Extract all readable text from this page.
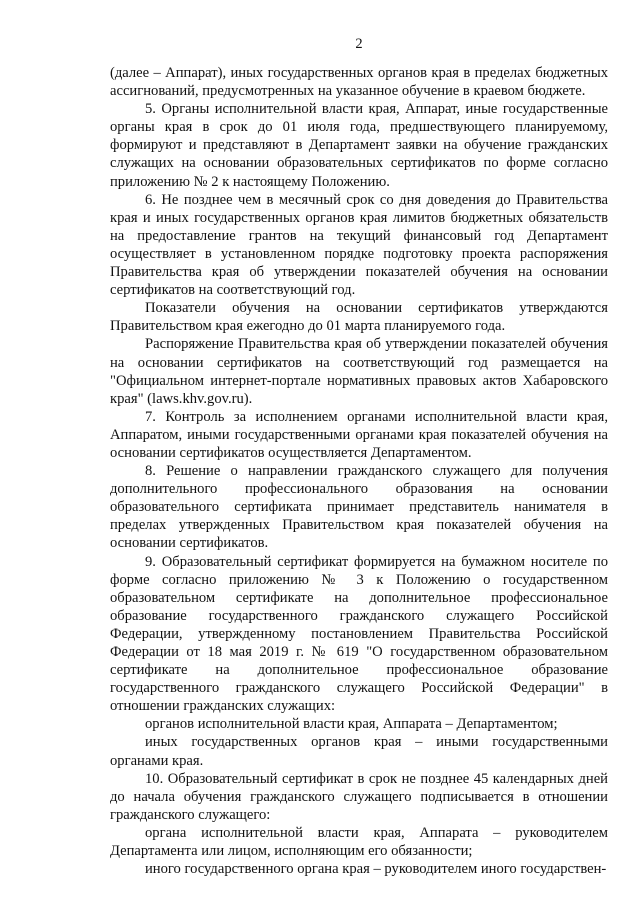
2

(далее – Аппарат), иных государственных органов края в пределах бюджетных ассигнований, предусмотренных на указанное обучение в краевом бюджете.

5. Органы исполнительной власти края, Аппарат, иные государственные органы края в срок до 01 июля года, предшествующего планируемому, формируют и представляют в Департамент заявки на обучение гражданских служащих на основании образовательных сертификатов по форме согласно приложению № 2 к настоящему Положению.

6. Не позднее чем в месячный срок со дня доведения до Правительства края и иных государственных органов края лимитов бюджетных обязательств на предоставление грантов на текущий финансовый год Департамент осуществляет в установленном порядке подготовку проекта распоряжения Правительства края об утверждении показателей обучения на основании сертификатов на соответствующий год.

Показатели обучения на основании сертификатов утверждаются Правительством края ежегодно до 01 марта планируемого года.

Распоряжение Правительства края об утверждении показателей обучения на основании сертификатов на соответствующий год размещается на "Официальном интернет-портале нормативных правовых актов Хабаровского края" (laws.khv.gov.ru).

7. Контроль за исполнением органами исполнительной власти края, Аппаратом, иными государственными органами края показателей обучения на основании сертификатов осуществляется Департаментом.

8. Решение о направлении гражданского служащего для получения дополнительного профессионального образования на основании образовательного сертификата принимает представитель нанимателя в пределах утвержденных Правительством края показателей обучения на основании сертификатов.

9. Образовательный сертификат формируется на бумажном носителе по форме согласно приложению № 3 к Положению о государственном образовательном сертификате на дополнительное профессиональное образование государственного гражданского служащего Российской Федерации, утвержденному постановлением Правительства Российской Федерации от 18 мая 2019 г. № 619 "О государственном образовательном сертификате на дополнительное профессиональное образование государственного гражданского служащего Российской Федерации" в отношении гражданских служащих:

органов исполнительной власти края, Аппарата – Департаментом;

иных государственных органов края – иными государственными органами края.

10. Образовательный сертификат в срок не позднее 45 календарных дней до начала обучения гражданского служащего подписывается в отношении гражданского служащего:

органа исполнительной власти края, Аппарата – руководителем Департамента или лицом, исполняющим его обязанности;

иного государственного органа края – руководителем иного государствен-
